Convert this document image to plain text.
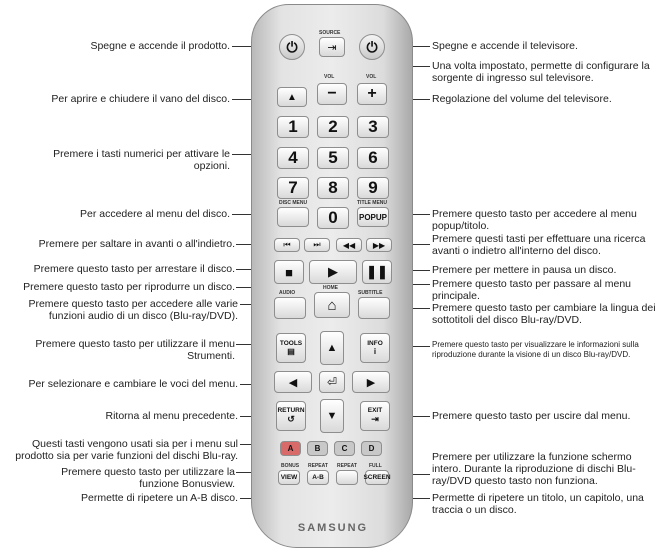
Spegne e accende il prodotto.
Per aprire e chiudere il vano del disco.
Premere i tasti numerici per attivare le opzioni.
Per accedere al menu del disco.
Premere per saltare in avanti o all'indietro.
Premere questo tasto per arrestare il disco.
Premere questo tasto per riprodurre un disco.
Premere questo tasto per accedere alle varie funzioni audio di un disco (Blu-ray/DVD).
Premere questo tasto per utilizzare il menu Strumenti.
Per selezionare e cambiare le voci del menu.
Ritorna al menu precedente.
Questi tasti vengono usati sia per i menu sul prodotto sia per varie funzioni del dischi Blu-ray.
Premere questo tasto per utilizzare la funzione Bonusview.
Permette di ripetere un A-B disco.
Spegne e accende il televisore.
Una volta impostato, permette di configurare la sorgente di ingresso sul televisore.
Regolazione del volume del televisore.
Premere questo tasto per accedere al menu popup/titolo.
Premere questi tasti per effettuare una ricerca avanti o indietro all'interno del disco.
Premere per mettere in pausa un disco.
Premere questo tasto per passare al menu principale.
Premere questo tasto per cambiare la lingua dei sottotitoli del disco Blu-ray/DVD.
Premere questo tasto per visualizzare le informazioni sulla riproduzione durante la visione di un disco Blu-ray/DVD.
Premere questo tasto per uscire dal menu.
Premere per utilizzare la funzione schermo intero. Durante la riproduzione di dischi Blu-ray/DVD questo tasto non funziona.
Permette di ripetere un titolo, un capitolo, una traccia o un disco.
⏻
SOURCE
⇥ ⏻
▲
VOL	VOL
−	+
1	2	3
4	5	6
7	8	9
DISC MENU
0
TITLE MENU
POPUP
⏮	⏭	◀◀ ▶▶
■	▶ ❚❚
AUDIO
HOME
⌂
SUBTITLE
TOOLS
▤	▲	INFO
i
◀ ⏎	▶
RETURN
↺	▼	EXIT
⇥
A	B	C	D
BONUS
VIEW
REPEAT
A-B
REPEAT FULL
SCREEN
SAMSUNG
